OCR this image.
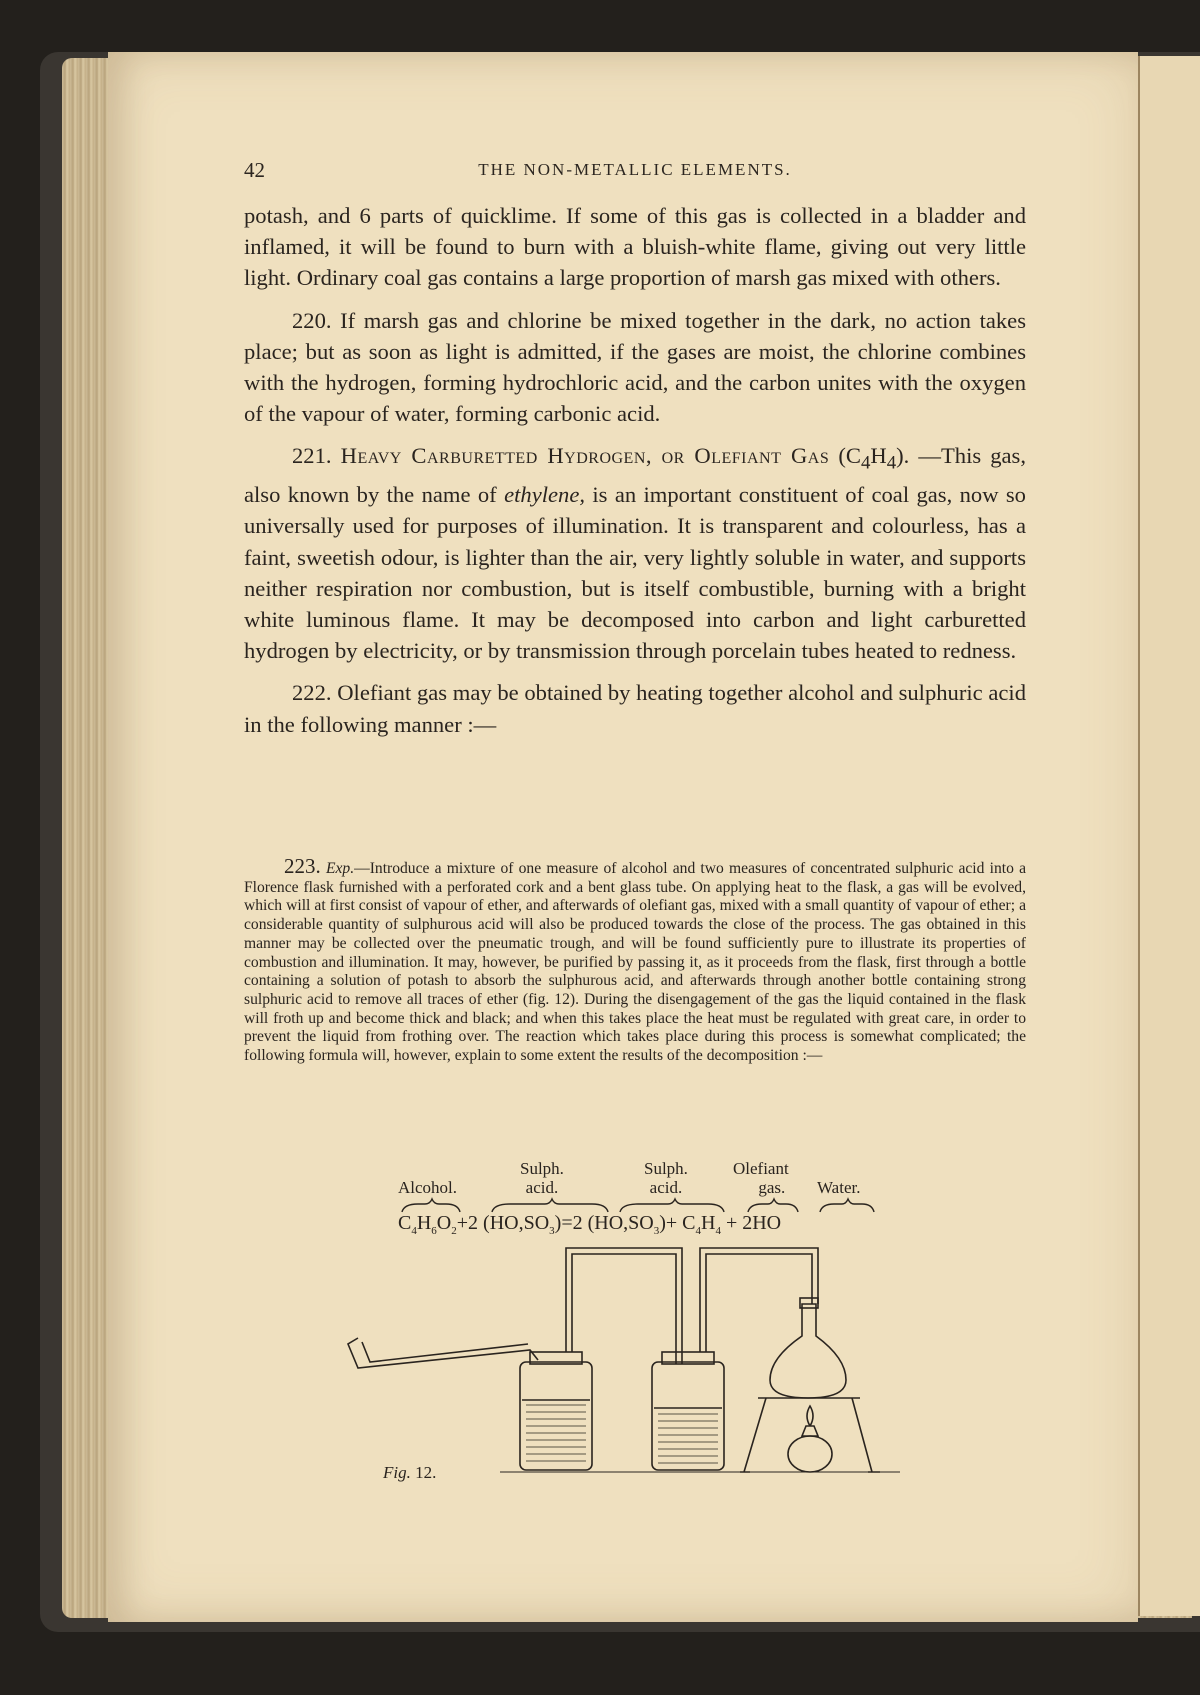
42	THE NON-METALLIC ELEMENTS.

potash, and 6 parts of quicklime. If some of this gas is collected in a bladder and inflamed, it will be found to burn with a bluish-white flame, giving out very little light. Ordinary coal gas contains a large proportion of marsh gas mixed with others.

220. If marsh gas and chlorine be mixed together in the dark, no action takes place; but as soon as light is admitted, if the gases are moist, the chlorine combines with the hydrogen, forming hydrochloric acid, and the carbon unites with the oxygen of the vapour of water, forming carbonic acid.

221. Heavy Carburetted Hydrogen, or Olefiant Gas $(C_4H_4)$. —This gas, also known by the name of ethylene, is an important constituent of coal gas, now so universally used for purposes of illumination. It is transparent and colourless, has a faint, sweetish odour, is lighter than the air, very lightly soluble in water, and supports neither respiration nor combustion, but is itself combustible, burning with a bright white luminous flame. It may be decomposed into carbon and light carburetted hydrogen by electricity, or by transmission through porcelain tubes heated to redness.

222. Olefiant gas may be obtained by heating together alcohol and sulphuric acid in the following manner :—

223. Exp.—Introduce a mixture of one measure of alcohol and two measures of concentrated sulphuric acid into a Florence flask furnished with a perforated cork and a bent glass tube. On applying heat to the flask, a gas will be evolved, which will at first consist of vapour of ether, and afterwards of olefiant gas, mixed with a small quantity of vapour of ether; a considerable quantity of sulphurous acid will also be produced towards the close of the process. The gas obtained in this manner may be collected over the pneumatic trough, and will be found sufficiently pure to illustrate its properties of combustion and illumination. It may, however, be purified by passing it, as it proceeds from the flask, first through a bottle containing a solution of potash to absorb the sulphurous acid, and afterwards through another bottle containing strong sulphuric acid to remove all traces of ether (fig. 12). During the disengagement of the gas the liquid contained in the flask will froth up and become thick and black; and when this takes place the heat must be regulated with great care, in order to prevent the liquid from frothing over. The reaction which takes place during this process is somewhat complicated; the following formula will, however, explain to some extent the results of the decomposition :—
Alcohol.
Sulph.
acid.
Sulph.
acid.
Olefiant
gas. Water.
$C_4H_6O_2+2$ $(HO,SO_3)=2$ $(HO,SO_3)+ C_4H_4 + 2HO$
Fig. 12.
